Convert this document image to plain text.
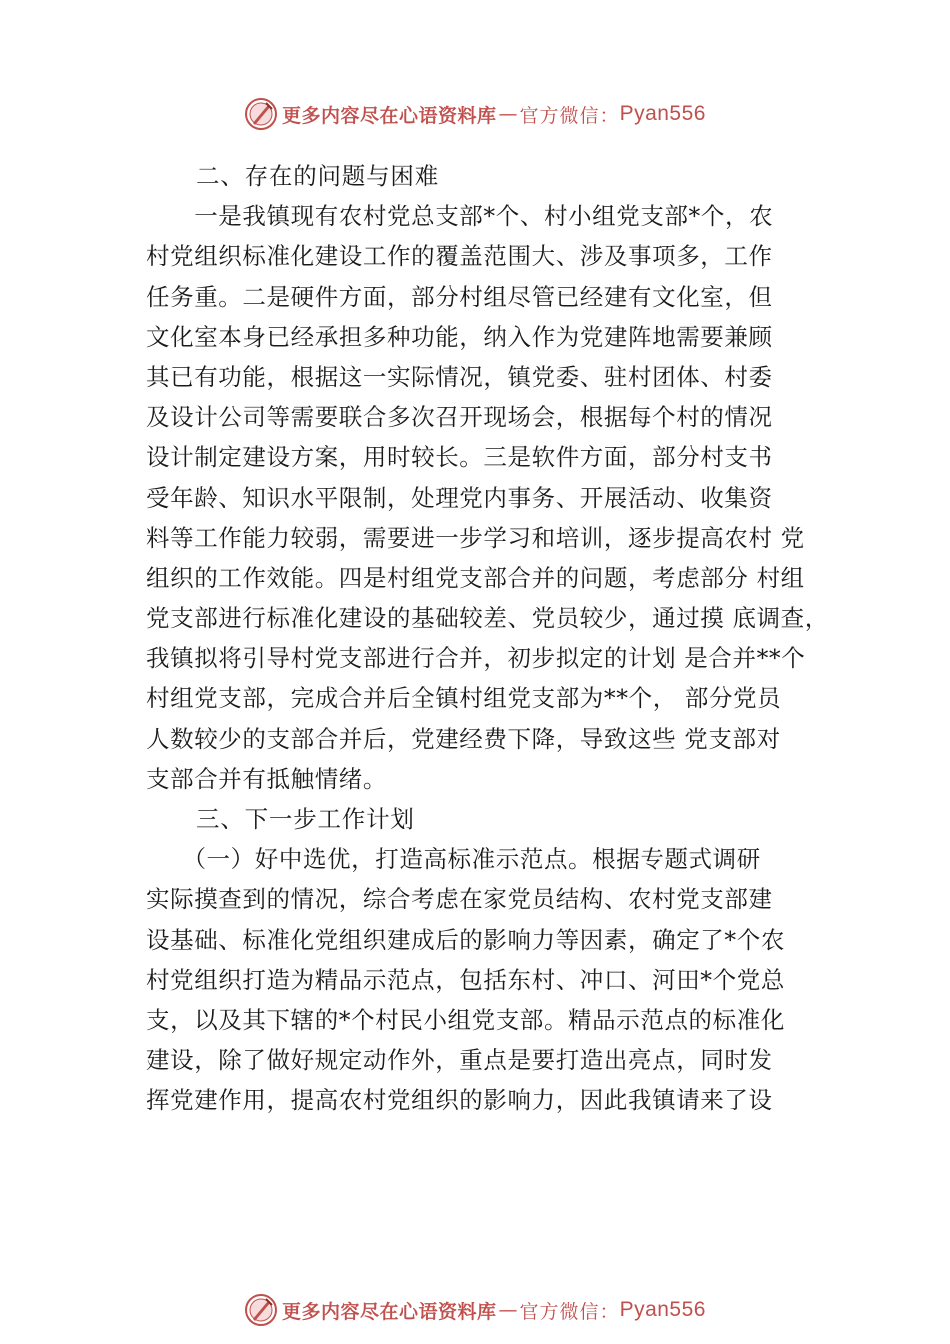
更多内容尽在心语资料库 — 官方微信： Pyan556
二、存在的问题与困难
　　一是我镇现有农村党总支部*个、村小组党支部*个，农
村党组织标准化建设工作的覆盖范围大、涉及事项多，工作
任务重。二是硬件方面，部分村组尽管已经建有文化室，但
文化室本身已经承担多种功能，纳入作为党建阵地需要兼顾
其已有功能，根据这一实际情况，镇党委、驻村团体、村委
及设计公司等需要联合多次召开现场会，根据每个村的情况
设计制定建设方案，用时较长。三是软件方面，部分村支书
受年龄、知识水平限制，处理党内事务、开展活动、收集资
料等工作能力较弱，需要进一步学习和培训，逐步提高农村 党
组织的工作效能。四是村组党支部合并的问题，考虑部分 村组
党支部进行标准化建设的基础较差、党员较少，通过摸 底调查，
我镇拟将引导村党支部进行合并，初步拟定的计划 是合并**个
村组党支部，完成合并后全镇村组党支部为**个， 部分党员
人数较少的支部合并后，党建经费下降，导致这些 党支部对
支部合并有抵触情绪。
三、下一步工作计划
　　（一）好中选优，打造高标准示范点。根据专题式调研
实际摸查到的情况，综合考虑在家党员结构、农村党支部建
设基础、标准化党组织建成后的影响力等因素，确定了*个农
村党组织打造为精品示范点，包括东村、冲口、河田*个党总
支，以及其下辖的*个村民小组党支部。精品示范点的标准化
建设，除了做好规定动作外，重点是要打造出亮点，同时发
挥党建作用，提高农村党组织的影响力，因此我镇请来了设
更多内容尽在心语资料库 — 官方微信： Pyan556
